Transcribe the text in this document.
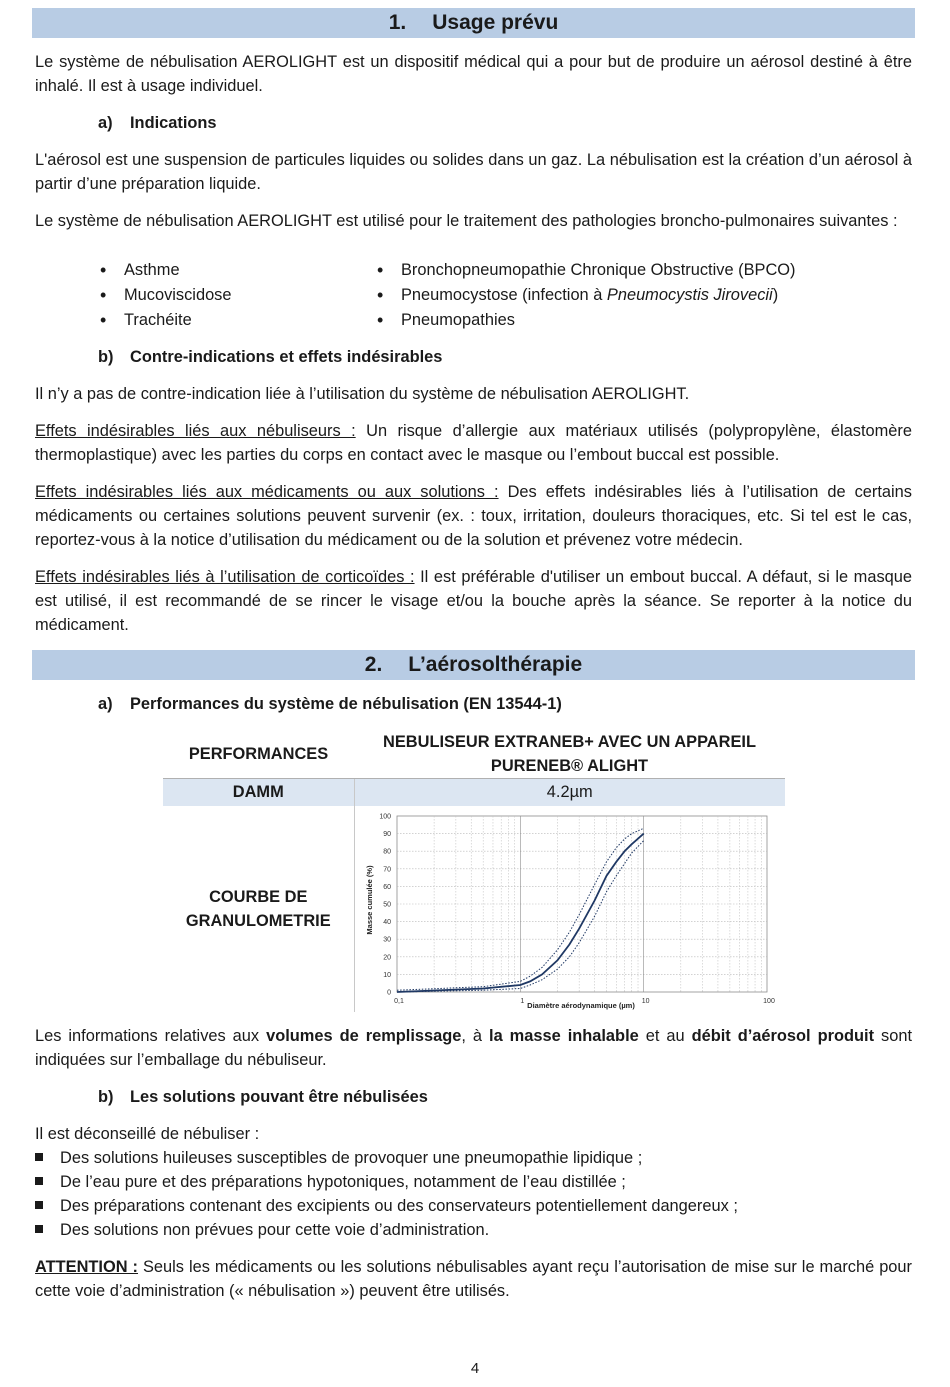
1. Usage prévu
Le système de nébulisation AEROLIGHT est un dispositif médical qui a pour but de produire un aérosol destiné à être inhalé. Il est à usage individuel.
a) Indications
L'aérosol est une suspension de particules liquides ou solides dans un gaz. La nébulisation est la création d’un aérosol à partir d’une préparation liquide.
Le système de nébulisation AEROLIGHT est utilisé pour le traitement des pathologies broncho-pulmonaires suivantes :
• Asthme
• Mucoviscidose
• Trachéite
• Bronchopneumopathie Chronique Obstructive (BPCO)
• Pneumocystose (infection à Pneumocystis Jirovecii)
• Pneumopathies
b) Contre-indications et effets indésirables
Il n’y a pas de contre-indication liée à l’utilisation du système de nébulisation AEROLIGHT.
Effets indésirables liés aux nébuliseurs : Un risque d’allergie aux matériaux utilisés (polypropylène, élastomère thermoplastique) avec les parties du corps en contact avec le masque ou l’embout buccal est possible.
Effets indésirables liés aux médicaments ou aux solutions : Des effets indésirables liés à l’utilisation de certains médicaments ou certaines solutions peuvent survenir (ex. : toux, irritation, douleurs thoraciques, etc. Si tel est le cas, reportez-vous à la notice d’utilisation du médicament ou de la solution et prévenez votre médecin.
Effets indésirables liés à l’utilisation de corticoïdes : Il est préférable d'utiliser un embout buccal. A défaut, si le masque est utilisé, il est recommandé de se rincer le visage et/ou la bouche après la séance. Se reporter à la notice du médicament.
2. L’aérosolthérapie
a) Performances du système de nébulisation (EN 13544-1)
PERFORMANCES	NEBULISEUR EXTRANEB+ AVEC UN APPAREIL
PURENEB® ALIGHT
DAMM	4.2µm
COURBE DE
GRANULOMETRIE	
0
10
20
30
40
50
60
70
80
90
100
0,1	1	10	100
Masse cumulée (%)
Diamètre aérodynamique (µm)
Les informations relatives aux volumes de remplissage, à la masse inhalable et au débit d’aérosol produit sont indiquées sur l’emballage du nébuliseur.
b) Les solutions pouvant être nébulisées
Il est déconseillé de nébuliser :
Des solutions huileuses susceptibles de provoquer une pneumopathie lipidique ;
De l’eau pure et des préparations hypotoniques, notamment de l’eau distillée ;
Des préparations contenant des excipients ou des conservateurs potentiellement dangereux ;
Des solutions non prévues pour cette voie d’administration.
ATTENTION : Seuls les médicaments ou les solutions nébulisables ayant reçu l’autorisation de mise sur le marché pour cette voie d’administration (« nébulisation ») peuvent être utilisés.
4
